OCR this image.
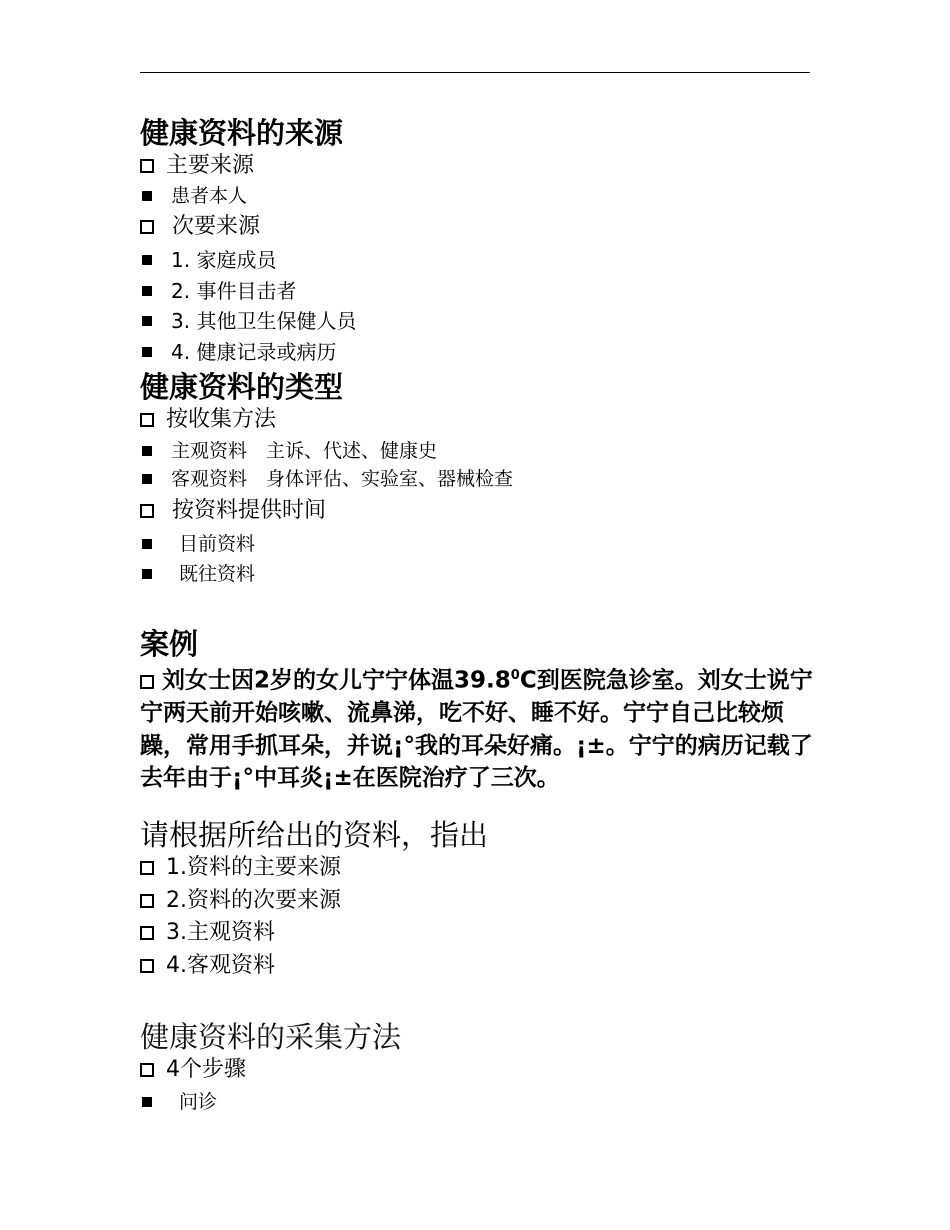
健康资料的来源
主要来源
患者本人
次要来源
1.
家庭成员
2.
事件目击者
3.
其他卫生保健人员
4.
健康记录或病历
健康资料的类型
按收集方法
主观资料　主诉、代述、健康史
客观资料　身体评估、实验室、器械检查
按资料提供时间
目前资料
既往资料
案例
刘女士因2岁的女儿宁宁体温39.8$^0$C到医院急诊室。刘女士说宁宁两天前开始咳嗽、流鼻涕，吃不好、睡不好。宁宁自己比较烦躁，常用手抓耳朵，并说¡°我的耳朵好痛。¡±。宁宁的病历记载了去年由于¡°中耳炎¡±在医院治疗了三次。
请根据所给出的资料，指出
1. 资料的主要来源
2. 资料的次要来源
3. 主观资料
4. 客观资料
健康资料的采集方法
4 个步骤
问诊
